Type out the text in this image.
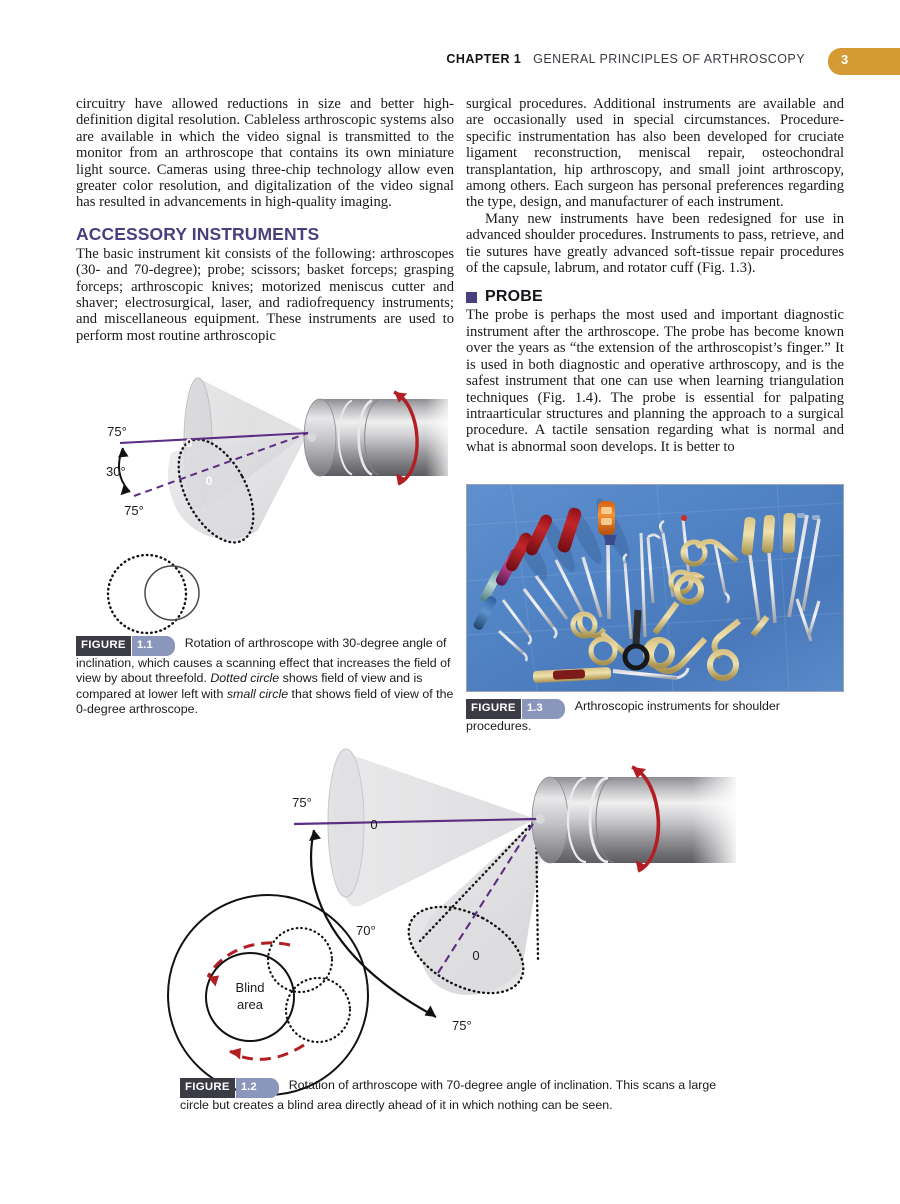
CHAPTER 1 GENERAL PRINCIPLES OF ARTHROSCOPY	3

circuitry have allowed reductions in size and better high-definition digital resolution. Cableless arthroscopic systems also are available in which the video signal is transmitted to the monitor from an arthroscope that contains its own miniature light source. Cameras using three-chip technology allow even greater color resolution, and digitalization of the video signal has resulted in advancements in high-quality imaging.

ACCESSORY INSTRUMENTS

The basic instrument kit consists of the following: arthroscopes (30- and 70-degree); probe; scissors; basket forceps; grasping forceps; arthroscopic knives; motorized meniscus cutter and shaver; electrosurgical, laser, and radiofrequency instruments; and miscellaneous equipment. These instruments are used to perform most routine arthroscopic

surgical procedures. Additional instruments are available and are occasionally used in special circumstances. Procedure-specific instrumentation has also been developed for cruciate ligament reconstruction, meniscal repair, osteochondral transplantation, hip arthroscopy, and small joint arthroscopy, among others. Each surgeon has personal preferences regarding the type, design, and manufacturer of each instrument.

Many new instruments have been redesigned for use in advanced shoulder procedures. Instruments to pass, retrieve, and tie sutures have greatly advanced soft-tissue repair procedures of the capsule, labrum, and rotator cuff (Fig. 1.3).

PROBE

The probe is perhaps the most used and important diagnostic instrument after the arthroscope. The probe has become known over the years as “the extension of the arthroscopist’s finger.” It is used in both diagnostic and operative arthroscopy, and is the safest instrument that one can use when learning triangulation techniques (Fig. 1.4). The probe is essential for palpating intraarticular structures and planning the approach to a surgical procedure. A tactile sensation regarding what is normal and what is abnormal soon develops. It is better to

75°
30°
75°
0
0

FIGURE 1.1	Rotation of arthroscope with 30-degree angle of inclination, which causes a scanning effect that increases the field of view by about threefold. Dotted circle shows field of view and is compared at lower left with small circle that shows field of view of the 0-degree arthroscope.	FIGURE 1.3	Arthroscopic instruments for shoulder procedures.

75°
70°
75°
0
0
Blind
area

FIGURE 1.2	Rotation of arthroscope with 70-degree angle of inclination. This scans a large circle but creates a blind area directly ahead of it in which nothing can be seen.
